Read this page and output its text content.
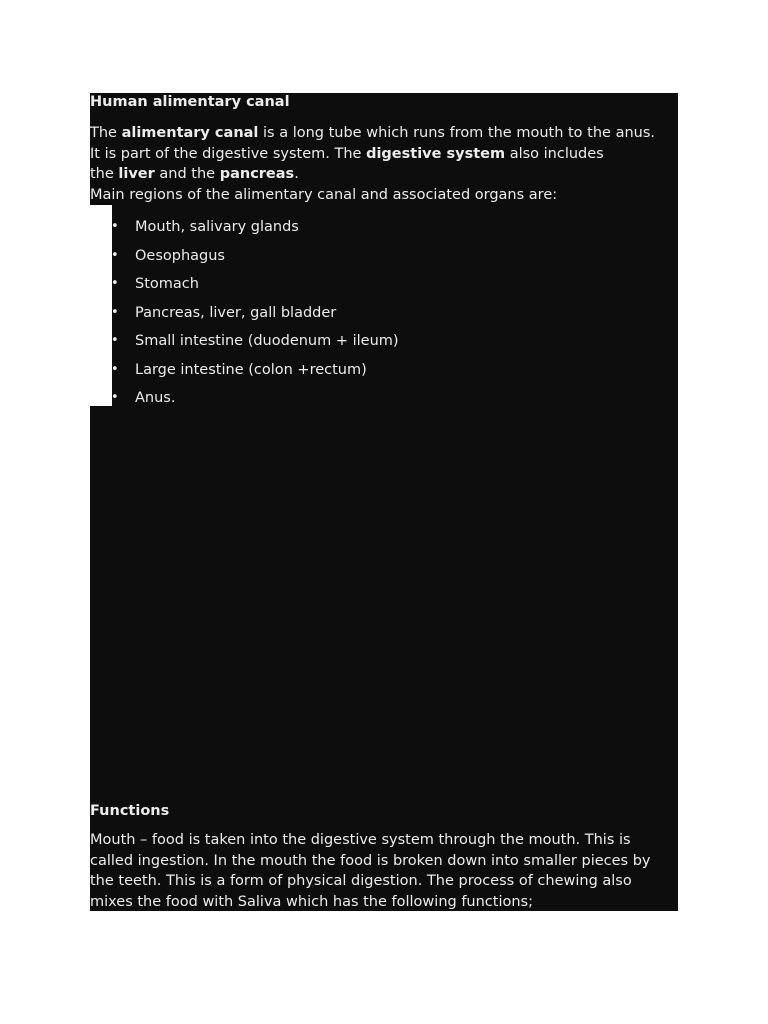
Human alimentary canal
The alimentary canal is a long tube which runs from the mouth to the anus.
It is part of the digestive system. The digestive system also includes
the liver and the pancreas.
Main regions of the alimentary canal and associated organs are:
• Mouth, salivary glands
• Oesophagus
• Stomach
• Pancreas, liver, gall bladder
• Small intestine (duodenum + ileum)
• Large intestine (colon +rectum)
• Anus.
Functions
Mouth – food is taken into the digestive system through the mouth. This is
called ingestion. In the mouth the food is broken down into smaller pieces by
the teeth. This is a form of physical digestion. The process of chewing also
mixes the food with Saliva which has the following functions;
